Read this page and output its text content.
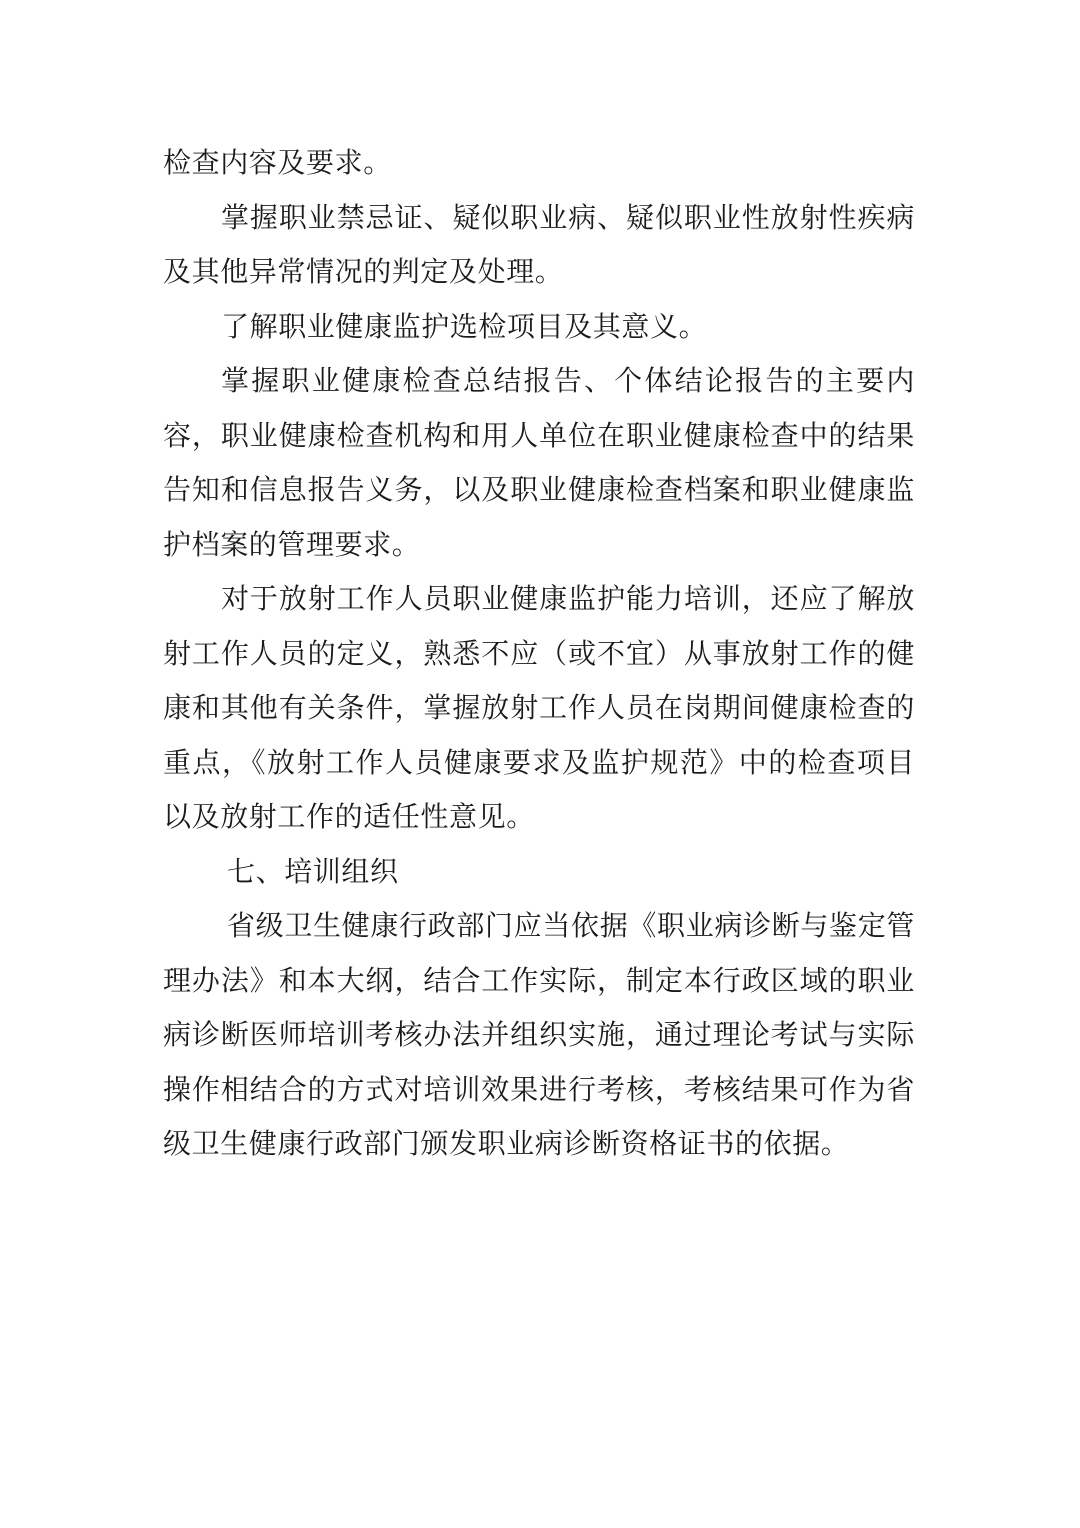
检查内容及要求。

掌握职业禁忌证、疑似职业病、疑似职业性放射性疾病及其他异常情况的判定及处理。

了解职业健康监护选检项目及其意义。

掌握职业健康检查总结报告、个体结论报告的主要内容，职业健康检查机构和用人单位在职业健康检查中的结果告知和信息报告义务，以及职业健康检查档案和职业健康监护档案的管理要求。

对于放射工作人员职业健康监护能力培训，还应了解放射工作人员的定义，熟悉不应（或不宜）从事放射工作的健康和其他有关条件，掌握放射工作人员在岗期间健康检查的重点，《放射工作人员健康要求及监护规范》中的检查项目以及放射工作的适任性意见。

七、培训组织

省级卫生健康行政部门应当依据《职业病诊断与鉴定管理办法》和本大纲，结合工作实际，制定本行政区域的职业病诊断医师培训考核办法并组织实施，通过理论考试与实际操作相结合的方式对培训效果进行考核，考核结果可作为省级卫生健康行政部门颁发职业病诊断资格证书的依据。
